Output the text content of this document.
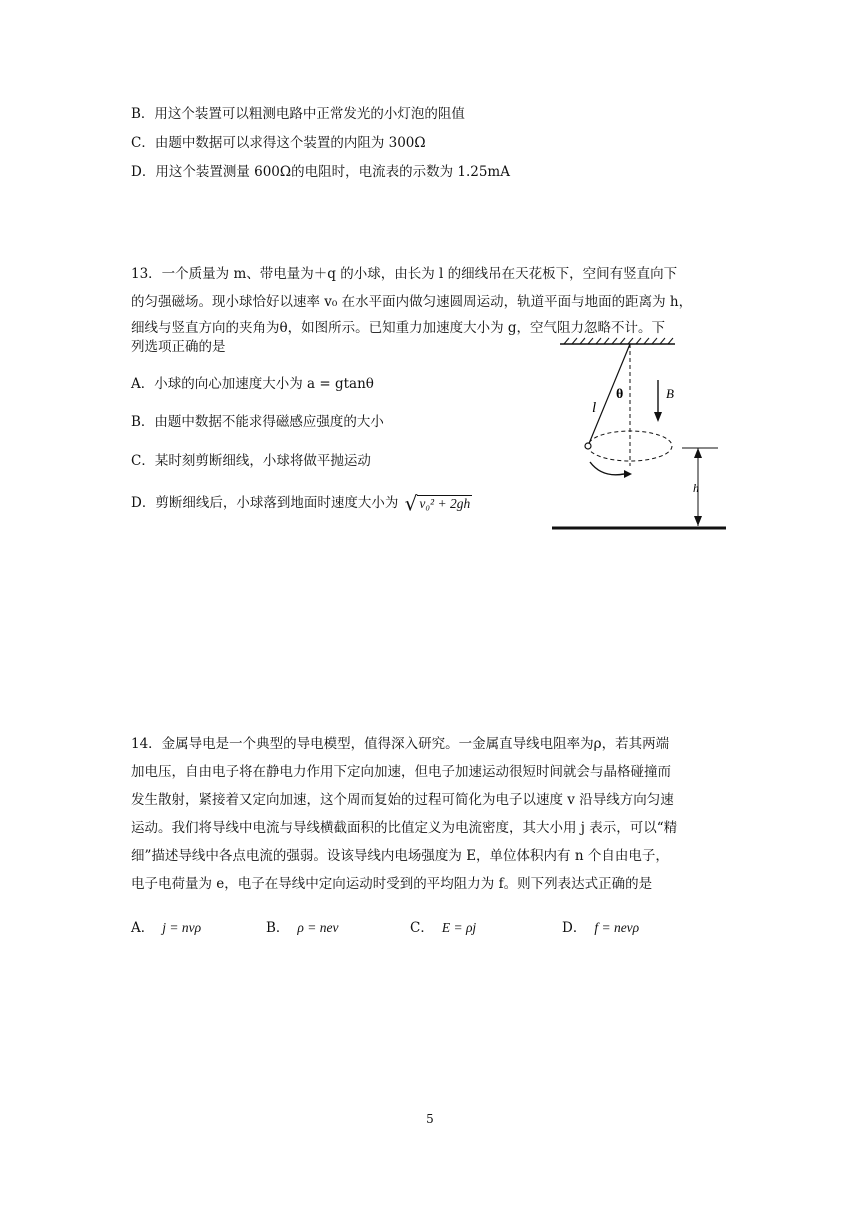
B．用这个装置可以粗测电路中正常发光的小灯泡的阻值
C．由题中数据可以求得这个装置的内阻为 300Ω
D．用这个装置测量 600Ω的电阻时，电流表的示数为 1.25mA
13．一个质量为 m、带电量为＋q 的小球，由长为 l 的细线吊在天花板下，空间有竖直向下
的匀强磁场。现小球恰好以速率 v₀ 在水平面内做匀速圆周运动，轨道平面与地面的距离为 h，
细线与竖直方向的夹角为θ，如图所示。已知重力加速度大小为 g，空气阻力忽略不计。下
列选项正确的是
A．小球的向心加速度大小为 a = gtanθ
B．由题中数据不能求得磁感应强度的大小
C．某时刻剪断细线，小球将做平抛运动
D．剪断细线后，小球落到地面时速度大小为 √ v₀² + 2gh
θ
l
B
h
14．金属导电是一个典型的导电模型，值得深入研究。一金属直导线电阻率为ρ，若其两端
加电压，自由电子将在静电力作用下定向加速，但电子加速运动很短时间就会与晶格碰撞而
发生散射，紧接着又定向加速，这个周而复始的过程可简化为电子以速度 v 沿导线方向匀速
运动。我们将导线中电流与导线横截面积的比值定义为电流密度，其大小用 j 表示，可以“精
细”描述导线中各点电流的强弱。设该导线内电场强度为 E，单位体积内有 n 个自由电子，
电子电荷量为 e，电子在导线中定向运动时受到的平均阻力为 f。则下列表达式正确的是
A． j = nvρ	B． ρ = nev	C． E = ρj	D． f = nevρ
5
